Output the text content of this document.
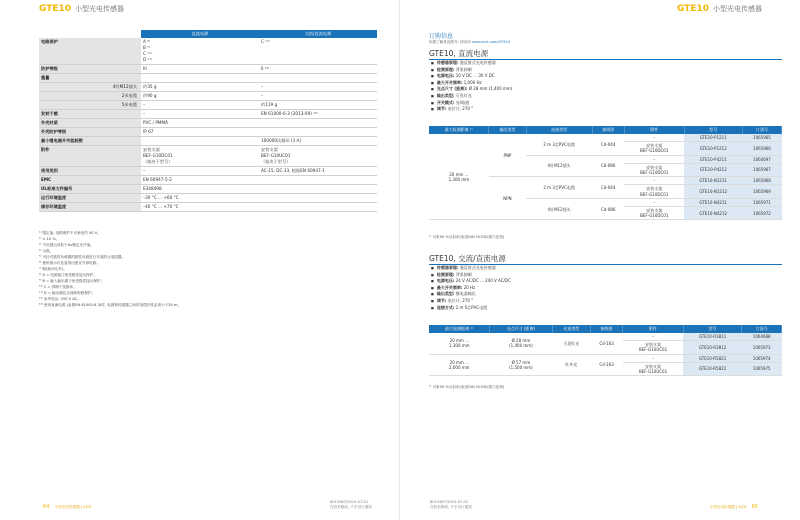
GTE10 小型光电传感器
	直流电源	交流/直流电源
电路保护	A ⁸⁾
B ⁹⁾
C ¹⁰⁾
D ¹¹⁾	C ¹⁰⁾
防护等级	III	II ¹²⁾
重量		
4针M12插头	约35 g	–
2米电缆	约90 g	–
5米电缆	–	约119 g
发射于模	–	EN 61000-6-3 (2013-09) ¹³⁾
外壳材质	PVC / PMMA	
外壳防护等级	IP 67	
最小继电器开关能耗数		100000次循环 (3 A)
附件	安装支架
BEF-G10DC01
（取决于型号）	安装支架
BEF-G10UC01
（取决于型号）
使用类别	–	AC-15, DC-13, 根据EN 60947-1
EMC	EN 60947-5-2	
UL标准文件编号	E348498	
运行环境温度	–30 °C ... +60 °C	
储存环境温度	–40 °C ... +70 °C	
¹⁾ 限定值, 电路保护不可承受约 50 V。
²⁾ ± 10 %。
³⁾ 不应超出或低于Uv额定允许值。
⁴⁾ 示数。
⁵⁾ 可针对感性负载端的感性负载进行安装的大电阻器。
⁶⁾ 使用指示灯及鉴别出建议外部电路。
⁷⁾ 略(脉冲允许)。
⁸⁾ A = 电源接口免受极性接反保护。
⁹⁾ B = 输入输出端子免受极性接反保护。
¹⁰⁾ C = 抑制干扰脉冲。
¹¹⁾ D = 输出端抗过流和短路保护。
¹²⁾ 参考电压: 250 V AC。
¹³⁾ 使用直流电源 (参照EN 61000-6-3)时, 电源和传感器之间的电缆长度必须小于30 m。
64 小型光电传感器 | SICK
8015387/2015-07-01
在技术修改, 不予另行通知
GTE10 小型光电传感器
订购信息
如需了解其他型号: 请访问 www.sick.com/GTE10
GTE10, 直流电源
■ 传感器原理: 漫反射式光电传感器
■ 检测原理: 背景抑制
■ 电源电压: 10 V DC ... 30 V DC
■ 最大开关频率: 1,000 Hz
■ 光点尺寸 (距离): Ø 28 mm (1,400 mm)
■ 输出类型: 可见红光
■ 开关模式: 亮/暗通
■ 调节: 电位计, 270 °
最大检测距离 ¹⁾	输出类型	连接类型	接线图	附件	型号	订货号
20 mm ...
1,300 mm	PNP	2 m 3芯PVC电缆	Cd-044	–	GTE10-P1211	1065965
				安装支架
BEF-G10DC01	GTE10-P1212	1065966
		4针M12插头	Cd-086	–	GTE10-P4211	1064697
				安装支架
BEF-G10DC01	GTE10-P4212	1065967
	NPN	2 m 3芯PVC电缆	Cd-044	–	GTE10-N1211	1065968
				安装支架
BEF-G10DC01	GTE10-N1212	1065969
		4针M12插头	Cd-086	–	GTE10-N4211	1065971
				安装支架
BEF-G10DC01	GTE10-N4212	1065972
¹⁾ 对象90 %反射率(参见DIN 5033标准白色物)
GTE10, 交流/直流电源
■ 传感器原理: 漫反射式光电传感器
■ 检测原理: 背景抑制
■ 电源电压: 24 V AC/DC ... 240 V AC/DC
■ 最大开关频率: 20 Hz
■ 输出类型: 继电器输出
■ 调节: 电位计, 270 °
■ 连接方式: 2 m 5芯PVC电缆
最大检测距离 ¹⁾	光点尺寸 (距离)	光束类型	接线图	附件	型号	订货号
20 mm ...
1,300 mm	Ø 28 mm
(1,400 mm)	可见红光	Cd-163	–	GTE10-R3811	1064688
				安装支架
BEF-G10UC01	GTE10-R3812	1065973
20 mm ...
2,000 mm	Ø 57 mm
(1,500 mm)	红外光	Cd-163	–	GTE10-R5821	1065974
				安装支架
BEF-G10UC01	GTE10-R5822	1065975
¹⁾ 对象90 %反射率(参见DIN 5033标准白色物)
8015387/2015-07-01
在技术修改, 不予另行通知	小型光电传感器 | SICK 65
